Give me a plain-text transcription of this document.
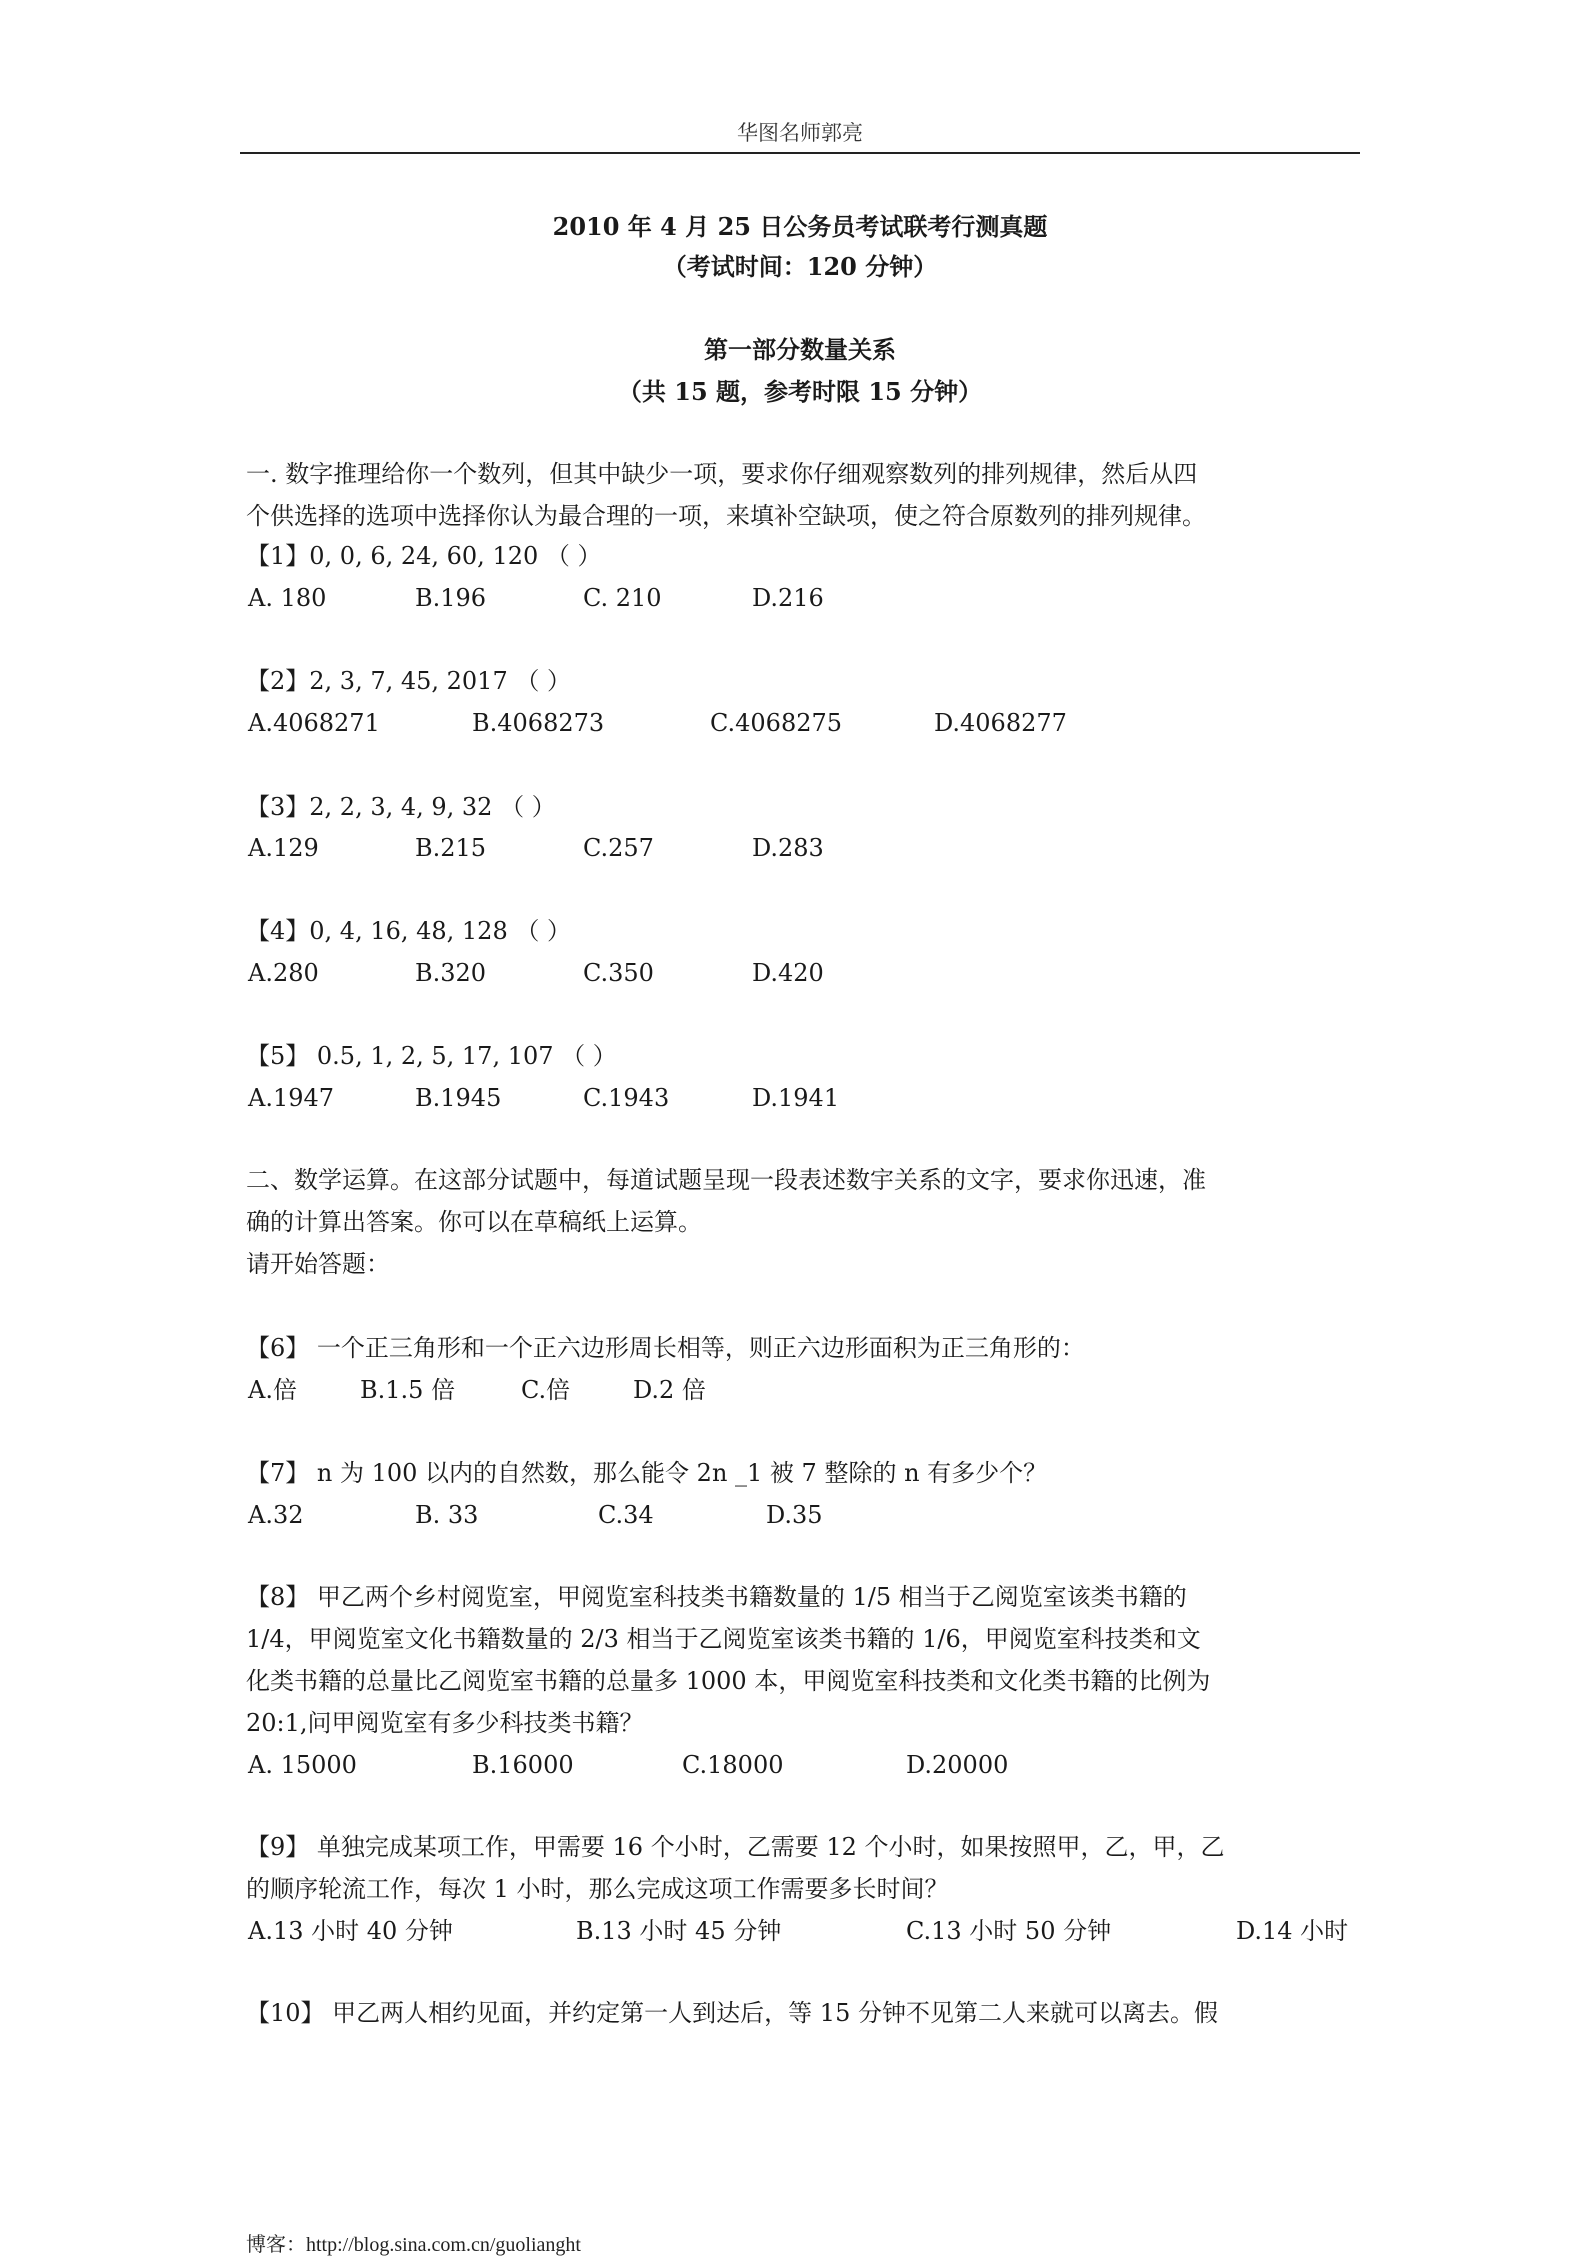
华图名师郭亮

2010 年 4 月 25 日公务员考试联考行测真题

（考试时间：120 分钟）

第一部分数量关系

（共 15 题，参考时限 15 分钟）

一. 数字推理给你一个数列，但其中缺少一项，要求你仔细观察数列的排列规律，然后从四

个供选择的选项中选择你认为最合理的一项，来填补空缺项，使之符合原数列的排列规律。

【1】0, 0, 6, 24, 60, 120 （ ）

A. 180	B.196	C. 210	D.216

【2】2, 3, 7, 45, 2017 （ ）

A.4068271	B.4068273	C.4068275	D.4068277

【3】2, 2, 3, 4, 9, 32 （ ）

A.129	B.215	C.257	D.283

【4】0, 4, 16, 48, 128 （ ）

A.280	B.320	C.350	D.420

【5】 0.5, 1, 2, 5, 17, 107 （ ）

A.1947	B.1945	C.1943	D.1941

二、数学运算。在这部分试题中，每道试题呈现一段表述数宇关系的文字，要求你迅速，准

确的计算出答案。你可以在草稿纸上运算。

请开始答题：

【6】 一个正三角形和一个正六边形周长相等，则正六边形面积为正三角形的：

A.倍	B.1.5 倍	C.倍	D.2 倍

【7】 n 为 100 以内的自然数，那么能令 2n _1 被 7 整除的 n 有多少个？

A.32	B. 33	C.34	D.35

【8】 甲乙两个乡村阅览室，甲阅览室科技类书籍数量的 1/5 相当于乙阅览室该类书籍的

1/4，甲阅览室文化书籍数量的 2/3 相当于乙阅览室该类书籍的 1/6，甲阅览室科技类和文

化类书籍的总量比乙阅览室书籍的总量多 1000 本，甲阅览室科技类和文化类书籍的比例为

20:1,问甲阅览室有多少科技类书籍？

A. 15000	B.16000	C.18000	D.20000

【9】 单独完成某项工作，甲需要 16 个小时，乙需要 12 个小时，如果按照甲，乙，甲，乙

的顺序轮流工作，每次 1 小时，那么完成这项工作需要多长时间？

A.13 小时 40 分钟	B.13 小时 45 分钟	C.13 小时 50 分钟	D.14 小时

【10】 甲乙两人相约见面，并约定第一人到达后，等 15 分钟不见第二人来就可以离去。假

博客：http://blog.sina.com.cn/guolianght
